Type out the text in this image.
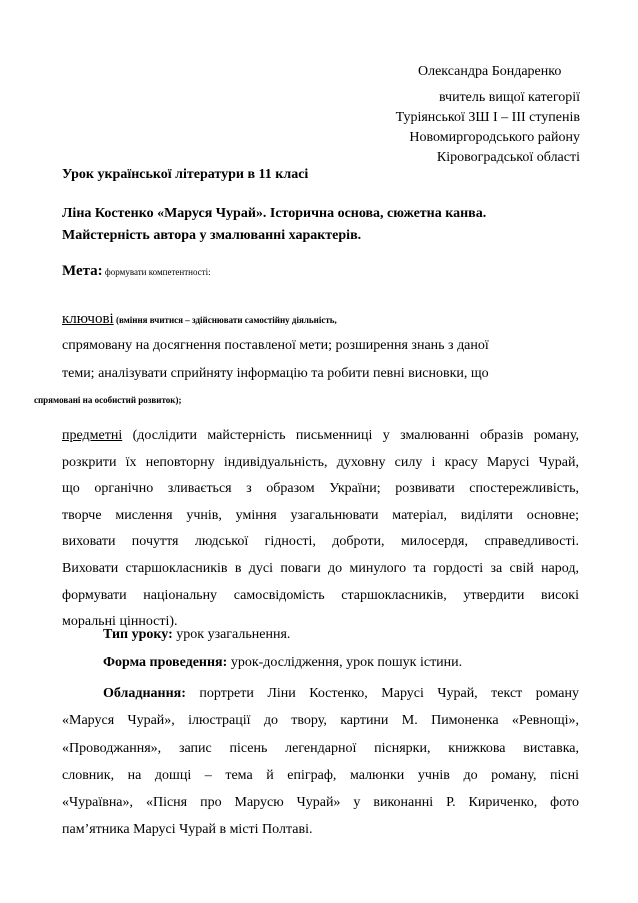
Олександра Бондаренко
вчитель вищої категорії
Туріянської ЗШ І – ІІІ ступенів
Новомиргородського району
Кіровоградської області
Урок української літератури в 11 класі
Ліна Костенко «Маруся Чурай». Історична основа, сюжетна канва.
Майстерність автора у змалюванні характерів.
Мета: формувати компетентності:
ключові (вміння вчитися – здійснювати самостійну діяльність,
спрямовану на досягнення поставленої мети; розширення знань з даної
теми; аналізувати сприйняту інформацію та робити певні висновки, що
спрямовані на особистий розвиток);
предметні (дослідити майстерність письменниці у змалюванні образів роману,
розкрити їх неповторну індивідуальність, духовну силу і красу Марусі Чурай,
що органічно зливається з образом України; розвивати спостережливість,
творче мислення учнів, уміння узагальнювати матеріал, виділяти основне;
виховати почуття людської гідності, доброти, милосердя, справедливості.
Виховати старшокласників в дусі поваги до минулого та гордості за свій народ,
формувати національну самосвідомість старшокласників, утвердити високі
моральні цінності).
Тип уроку: урок узагальнення.
Форма проведення: урок-дослідження, урок пошук істини.
Обладнання: портрети Ліни Костенко, Марусі Чурай, текст роману
«Маруся Чурай», ілюстрації до твору, картини М. Пимоненка «Ревнощі»,
«Проводжання», запис пісень легендарної піснярки, книжкова виставка,
словник, на дошці – тема й епіграф, малюнки учнів до роману, пісні
«Чураївна», «Пісня про Марусю Чурай» у виконанні Р. Кириченко, фото
пам’ятника Марусі Чурай в місті Полтаві.
